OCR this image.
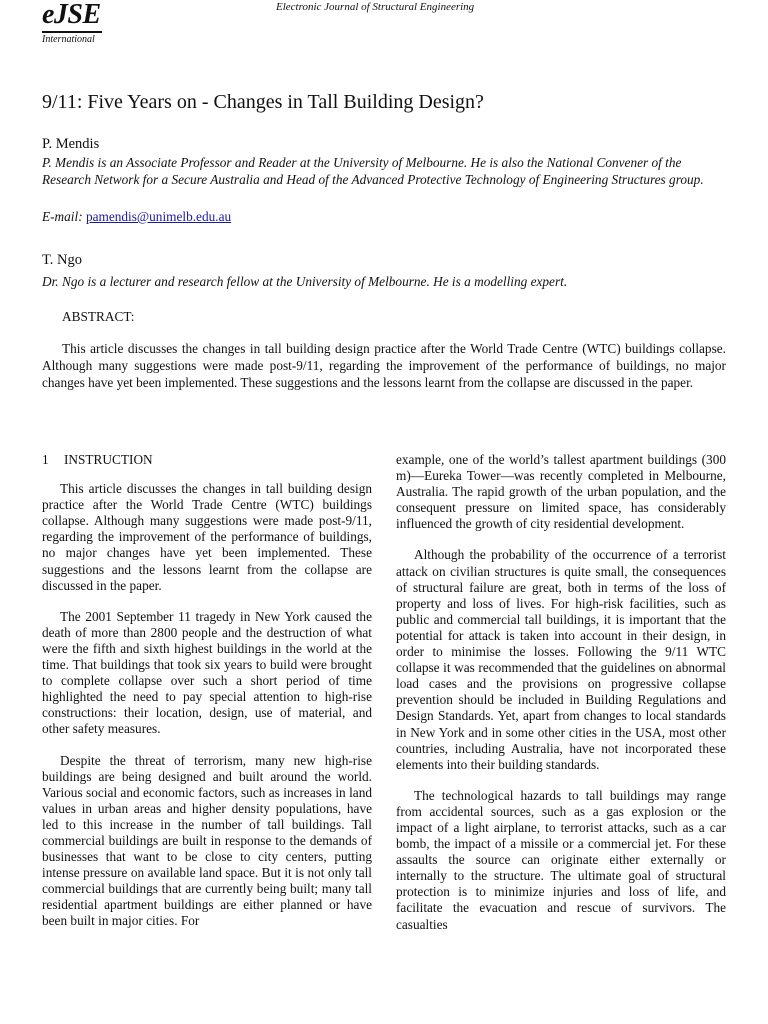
eJSE
International
Electronic Journal of Structural Engineering
9/11: Five Years on - Changes in Tall Building Design?
P. Mendis
P. Mendis is an Associate Professor and Reader at the University of Melbourne. He is also the National Convener of the Research Network for a Secure Australia and Head of the Advanced Protective Technology of Engineering Structures group.
E-mail: pamendis@unimelb.edu.au
T. Ngo
Dr. Ngo is a lecturer and research fellow at the University of Melbourne. He is a modelling expert.
ABSTRACT:

This article discusses the changes in tall building design practice after the World Trade Centre (WTC) buildings collapse. Although many suggestions were made post-9/11, regarding the improvement of the performance of buildings, no major changes have yet been implemented. These suggestions and the lessons learnt from the collapse are discussed in the paper.

1 INSTRUCTION

This article discusses the changes in tall building design practice after the World Trade Centre (WTC) buildings collapse. Although many suggestions were made post-9/11, regarding the improvement of the performance of buildings, no major changes have yet been implemented. These suggestions and the lessons learnt from the collapse are discussed in the paper.

The 2001 September 11 tragedy in New York caused the death of more than 2800 people and the destruction of what were the fifth and sixth highest buildings in the world at the time. That buildings that took six years to build were brought to complete collapse over such a short period of time highlighted the need to pay special attention to high-rise constructions: their location, design, use of material, and other safety measures.

Despite the threat of terrorism, many new high-rise buildings are being designed and built around the world. Various social and economic factors, such as increases in land values in urban areas and higher density populations, have led to this increase in the number of tall buildings. Tall commercial buildings are built in response to the demands of businesses that want to be close to city centers, putting intense pressure on available land space. But it is not only tall commercial buildings that are currently being built; many tall residential apartment buildings are either planned or have been built in major cities. For

example, one of the world’s tallest apartment buildings (300 m)—Eureka Tower—was recently completed in Melbourne, Australia. The rapid growth of the urban population, and the consequent pressure on limited space, has considerably influenced the growth of city residential development.

Although the probability of the occurrence of a terrorist attack on civilian structures is quite small, the consequences of structural failure are great, both in terms of the loss of property and loss of lives. For high-risk facilities, such as public and commercial tall buildings, it is important that the potential for attack is taken into account in their design, in order to minimise the losses. Following the 9/11 WTC collapse it was recommended that the guidelines on abnormal load cases and the provisions on progressive collapse prevention should be included in Building Regulations and Design Standards. Yet, apart from changes to local standards in New York and in some other cities in the USA, most other countries, including Australia, have not incorporated these elements into their building standards.

The technological hazards to tall buildings may range from accidental sources, such as a gas explosion or the impact of a light airplane, to terrorist attacks, such as a car bomb, the impact of a missile or a commercial jet. For these assaults the source can originate either externally or internally to the structure. The ultimate goal of structural protection is to minimize injuries and loss of life, and facilitate the evacuation and rescue of survivors. The casualties
